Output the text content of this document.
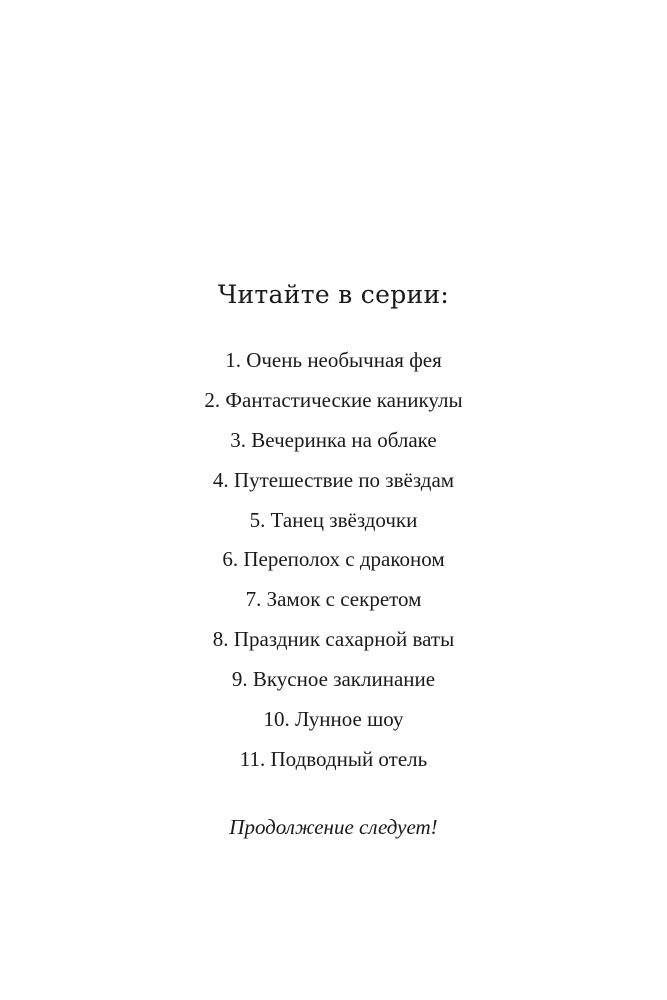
Читайте в серии:
1. Очень необычная фея
2. Фантастические каникулы
3. Вечеринка на облаке
4. Путешествие по звёздам
5. Танец звёздочки
6. Переполох с драконом
7. Замок с секретом
8. Праздник сахарной ваты
9. Вкусное заклинание
10. Лунное шоу
11. Подводный отель
Продолжение следует!
